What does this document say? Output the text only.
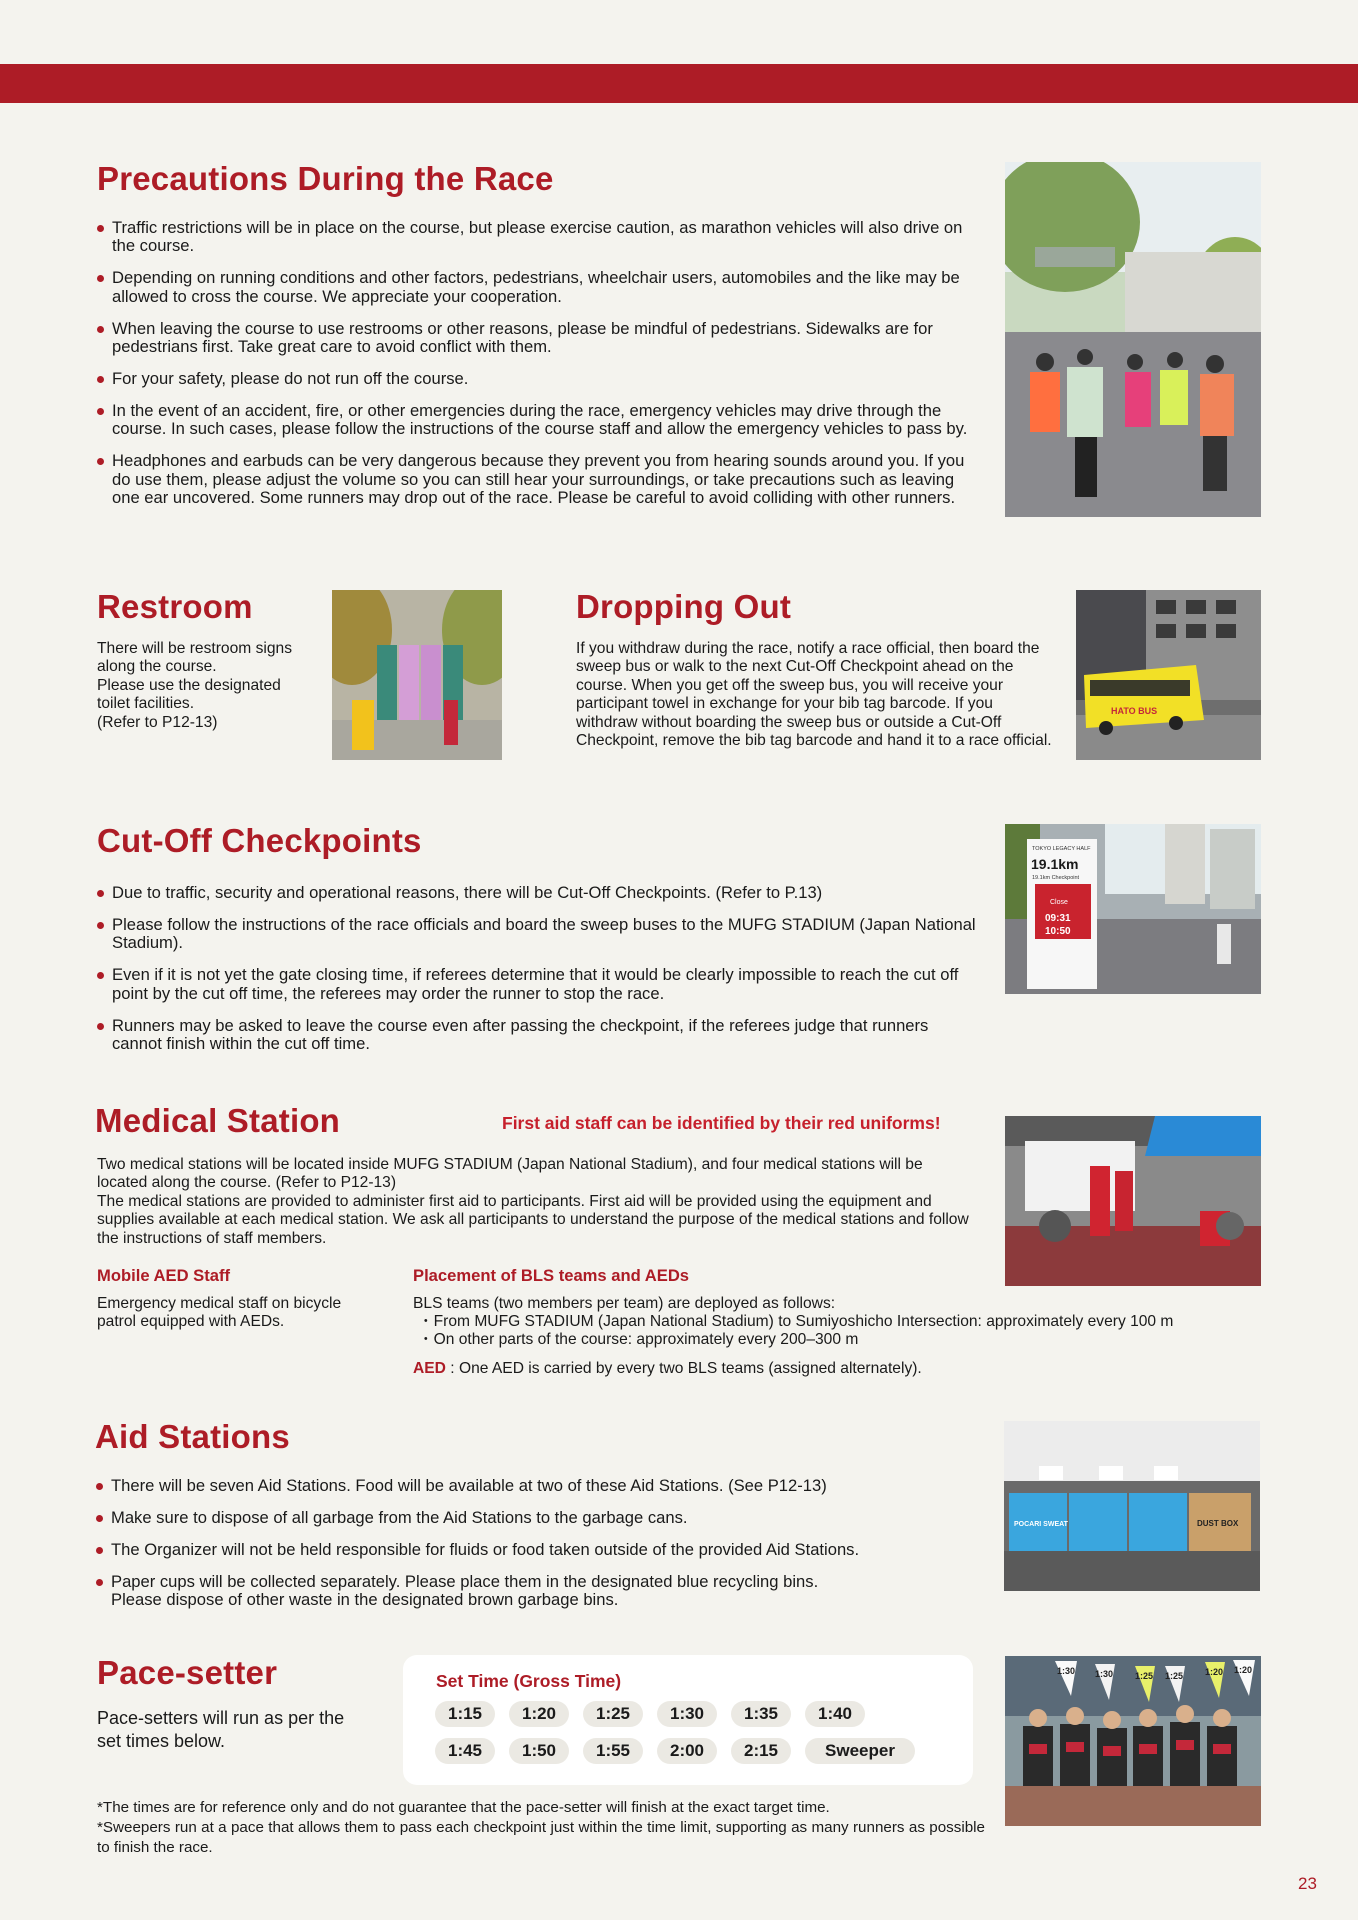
Precautions During the Race
Traffic restrictions will be in place on the course, but please exercise caution, as marathon vehicles will also drive on the course.
Depending on running conditions and other factors, pedestrians, wheelchair users, automobiles and the like may be allowed to cross the course. We appreciate your cooperation.
When leaving the course to use restrooms or other reasons, please be mindful of pedestrians. Sidewalks are for pedestrians first. Take great care to avoid conflict with them.
For your safety, please do not run off the course.
In the event of an accident, fire, or other emergencies during the race, emergency vehicles may drive through the course. In such cases, please follow the instructions of the course staff and allow the emergency vehicles to pass by.
Headphones and earbuds can be very dangerous because they prevent you from hearing sounds around you. If you do use them, please adjust the volume so you can still hear your surroundings, or take precautions such as leaving one ear uncovered. Some runners may drop out of the race. Please be careful to avoid colliding with other runners.
Restroom

There will be restroom signs
along the course.
Please use the designated
toilet facilities.
(Refer to P12-13)

Dropping Out

If you withdraw during the race, notify a race official, then board the sweep bus or walk to the next Cut-Off Checkpoint ahead on the course. When you get off the sweep bus, you will receive your participant towel in exchange for your bib tag barcode. If you withdraw without boarding the sweep bus or outside a Cut-Off Checkpoint, remove the bib tag barcode and hand it to a race official.

HATO BUS
Cut-Off Checkpoints
Due to traffic, security and operational reasons, there will be Cut-Off Checkpoints. (Refer to P.13)
Please follow the instructions of the race officials and board the sweep buses to the MUFG STADIUM (Japan National Stadium).
Even if it is not yet the gate closing time, if referees determine that it would be clearly impossible to reach the cut off point by the cut off time, the referees may order the runner to stop the race.
Runners may be asked to leave the course even after passing the checkpoint, if the referees judge that runners cannot finish within the cut off time.
TOKYO LEGACY HALF
19.1km
19.1km Checkpoint
Close
09:31
10:50
Medical Station	First aid staff can be identified by their red uniforms!

Two medical stations will be located inside MUFG STADIUM (Japan National Stadium), and four medical stations will be located along the course. (Refer to P12-13)
The medical stations are provided to administer first aid to participants. First aid will be provided using the equipment and supplies available at each medical station. We ask all participants to understand the purpose of the medical stations and follow the instructions of staff members.

Mobile AED Staff

Emergency medical staff on bicycle
patrol equipped with AEDs.

Placement of BLS teams and AEDs

BLS teams (two members per team) are deployed as follows:

・From MUFG STADIUM (Japan National Stadium) to Sumiyoshicho Intersection: approximately every 100 m
・On other parts of the course: approximately every 200–300 m
AED : One AED is carried by every two BLS teams (assigned alternately).
Aid Stations
There will be seven Aid Stations. Food will be available at two of these Aid Stations. (See P12-13)
Make sure to dispose of all garbage from the Aid Stations to the garbage cans.
The Organizer will not be held responsible for fluids or food taken outside of the provided Aid Stations.
Paper cups will be collected separately. Please place them in the designated blue recycling bins.
Please dispose of other waste in the designated brown garbage bins.
POCARI SWEAT	DUST BOX
Pace-setter

Pace-setters will run as per the
set times below.

Set Time (Gross Time)
1:15	1:20	1:25	1:30	1:35	1:40
1:45	1:50	1:55	2:00	2:15	Sweeper
1:30 1:30 1:25 1:25 1:20 1:20

*The times are for reference only and do not guarantee that the pace-setter will finish at the exact target time.

*Sweepers run at a pace that allows them to pass each checkpoint just within the time limit, supporting as many runners as possible to finish the race.

23
